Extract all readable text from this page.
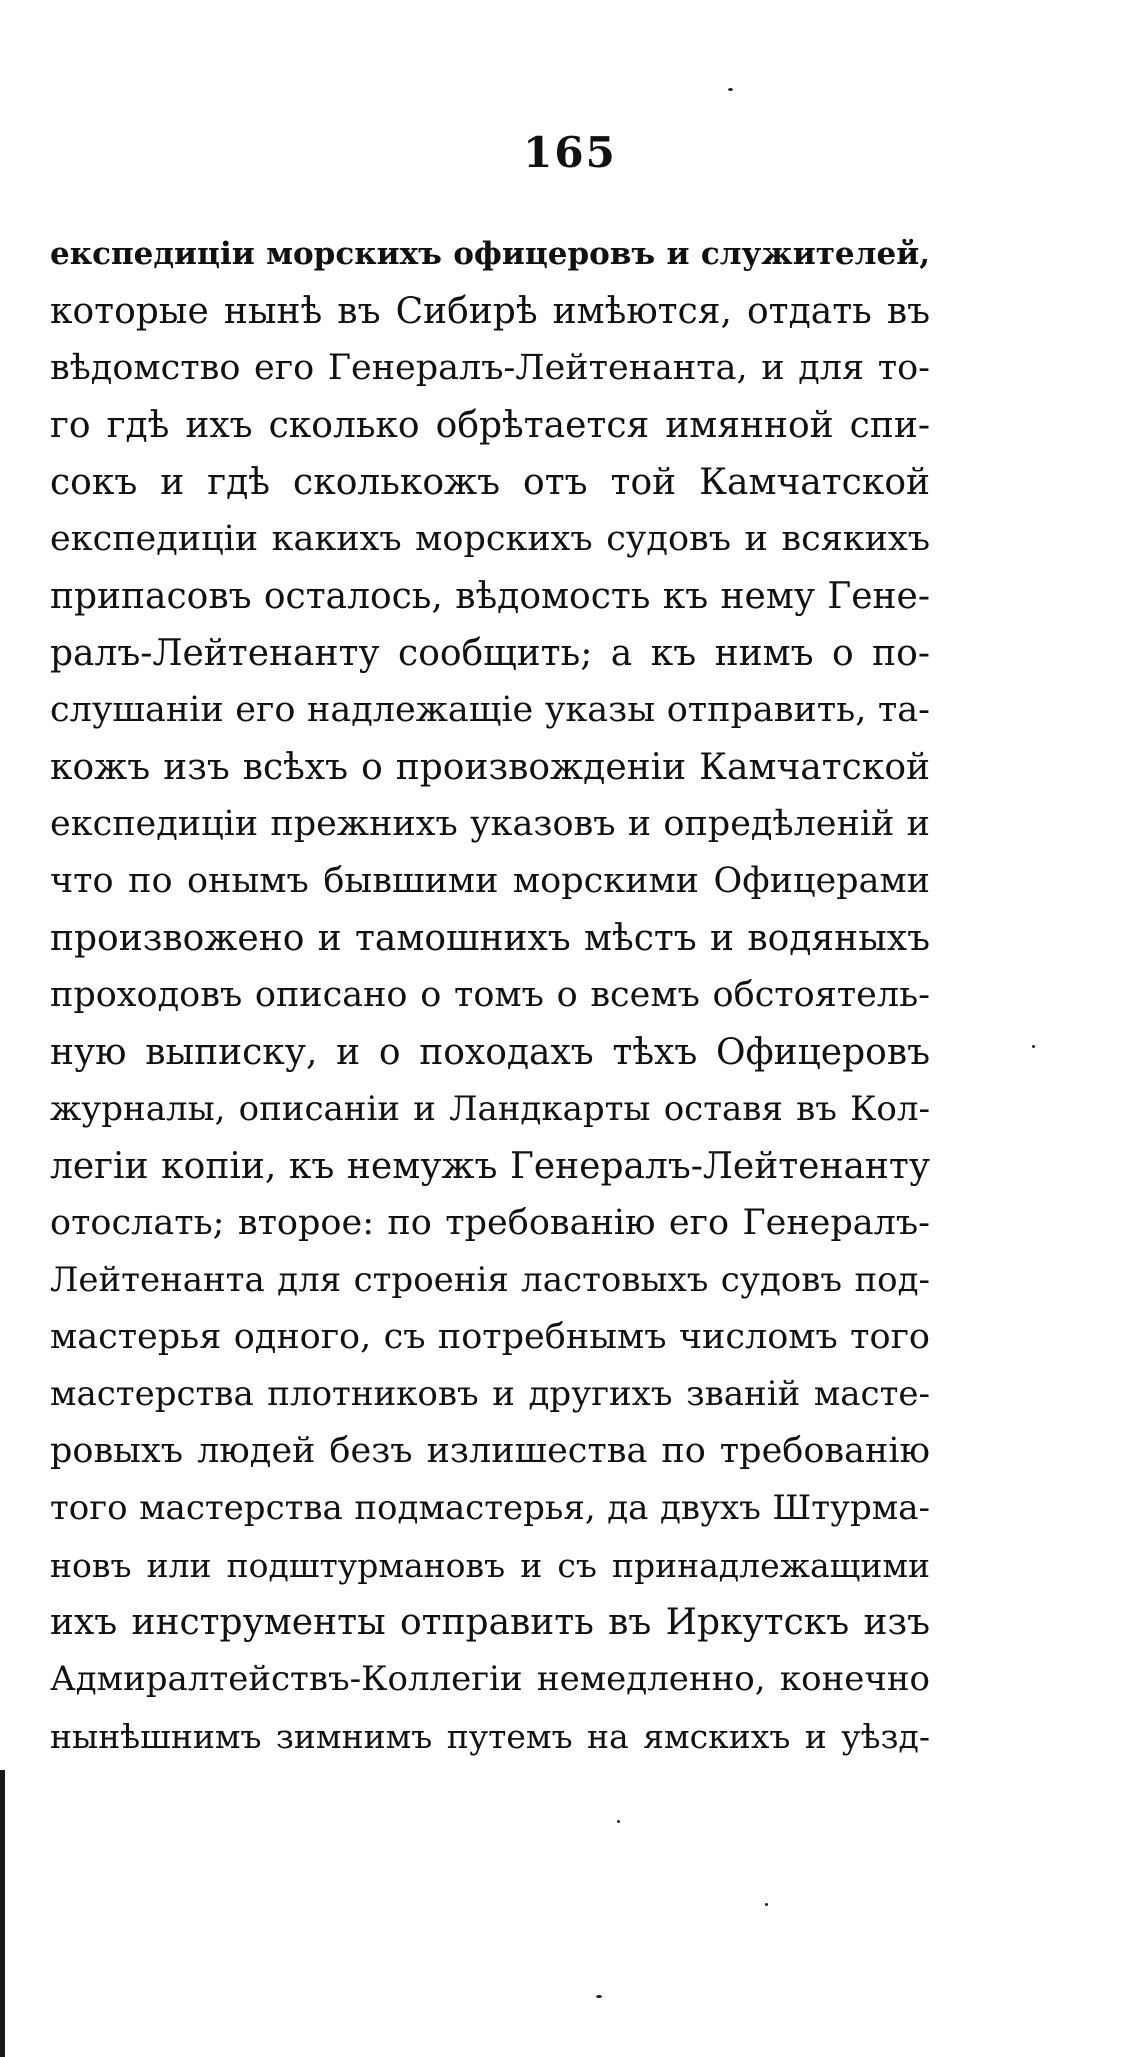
165
експедиціи морскихъ офицеровъ и служителей,
которые нынѣ въ Сибирѣ имѣются, отдать въ
вѣдомство его Генералъ-Лейтенанта, и для то-
го гдѣ ихъ сколько обрѣтается имянной спи-
сокъ и гдѣ сколькожъ отъ той Камчатской
експедиціи какихъ морскихъ судовъ и всякихъ
припасовъ осталось, вѣдомость къ нему Гене-
ралъ-Лейтенанту сообщить; а къ нимъ о по-
слушаніи его надлежащіе указы отправить, та-
кожъ изъ всѣхъ о произвожденіи Камчатской
експедиціи прежнихъ указовъ и опредѣленій и
что по онымъ бывшими морскими Офицерами
произвожено и тамошнихъ мѣстъ и водяныхъ
проходовъ описано о томъ о всемъ обстоятель-
ную выписку, и о походахъ тѣхъ Офицеровъ
журналы, описаніи и Ландкарты оставя въ Кол-
легіи копіи, къ немужъ Генералъ-Лейтенанту
отослать; второе: по требованію его Генералъ-
Лейтенанта для строенія ластовыхъ судовъ под-
мастерья одного, съ потребнымъ числомъ того
мастерства плотниковъ и другихъ званій масте-
ровыхъ людей безъ излишества по требованію
того мастерства подмастерья, да двухъ Штурма-
новъ или подштурмановъ и съ принадлежащими
ихъ инструменты отправить въ Иркутскъ изъ
Адмиралтействъ-Коллегіи немедленно, конечно
нынѣшнимъ зимнимъ путемъ на ямскихъ и уѣзд-
